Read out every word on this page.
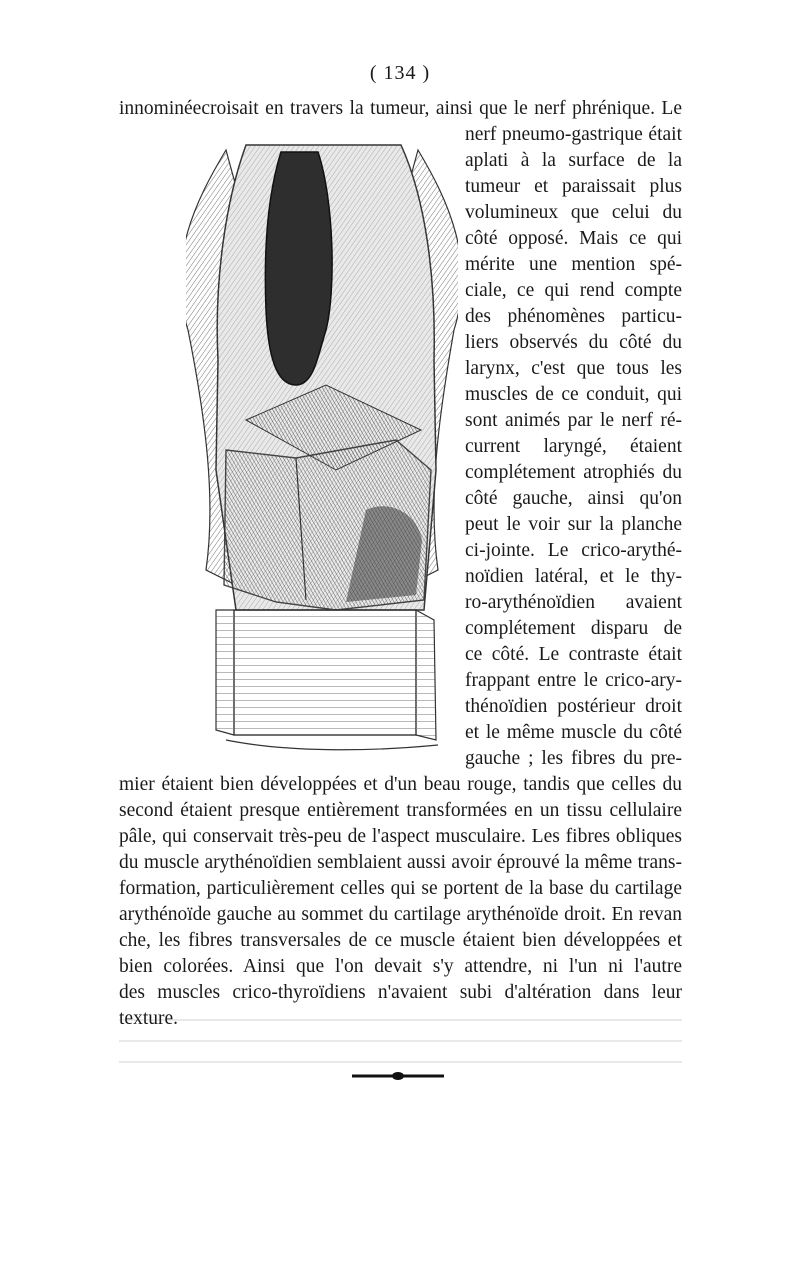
( 134 )
innominéecroisait en travers la tumeur, ainsi que le nerf phrénique. Le
nerf pneumo-gastrique était
aplati à la surface de la
tumeur et paraissait plus
volumineux que celui du
côté opposé. Mais ce qui
mérite une mention spé-
ciale, ce qui rend compte
des phénomènes particu-
liers observés du côté du
larynx, c'est que tous les
muscles de ce conduit, qui
sont animés par le nerf ré-
current laryngé, étaient
complétement atrophiés du
côté gauche, ainsi qu'on
peut le voir sur la planche
ci-jointe. Le crico-arythé-
noïdien latéral, et le thy-
ro-arythénoïdien avaient
complétement disparu de
ce côté. Le contraste était
frappant entre le crico-ary-
thénoïdien postérieur droit
et le même muscle du côté
gauche ; les fibres du pre-
mier étaient bien développées et d'un beau rouge, tandis que celles du
second étaient presque entièrement transformées en un tissu cellulaire
pâle, qui conservait très-peu de l'aspect musculaire. Les fibres obliques
du muscle arythénoïdien semblaient aussi avoir éprouvé la même trans-
formation, particulièrement celles qui se portent de la base du cartilage
arythénoïde gauche au sommet du cartilage arythénoïde droit. En revan
che, les fibres transversales de ce muscle étaient bien développées et
bien colorées. Ainsi que l'on devait s'y attendre, ni l'un ni l'autre
des muscles crico-thyroïdiens n'avaient subi d'altération dans leur
texture.
